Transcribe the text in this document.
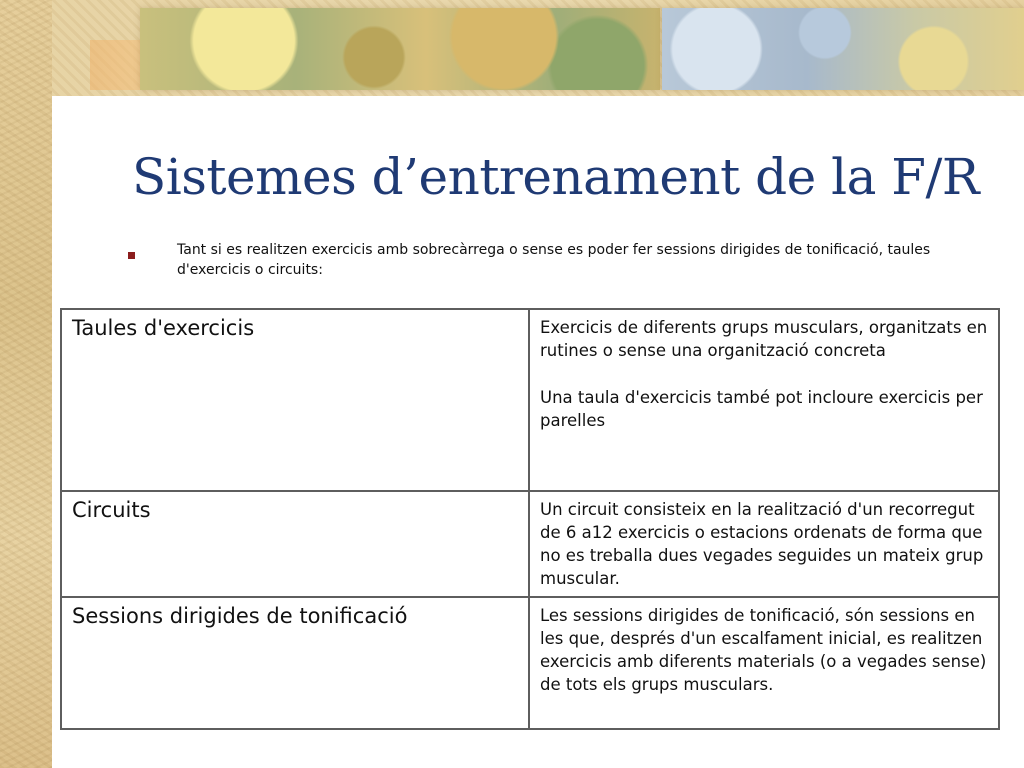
Sistemes d’entrenament de la F/R
Tant si es realitzen exercicis amb sobrecàrrega o sense es poder fer sessions dirigides de tonificació, taules d'exercicis o circuits:
Taules d'exercicis	Exercicis de diferents grups musculars, organitzats en rutines o sense una organització concreta
Una taula d'exercicis també pot incloure exercicis per parelles

Circuits	Un circuit consisteix en la realització d'un recorregut de 6 a12 exercicis o estacions ordenats de forma que no es treballa dues vegades seguides un mateix grup muscular.

Sessions dirigides de tonificació	Les sessions dirigides de tonificació, són sessions en les que, després d'un escalfament inicial, es realitzen exercicis amb diferents materials (o a vegades sense) de tots els grups musculars.
